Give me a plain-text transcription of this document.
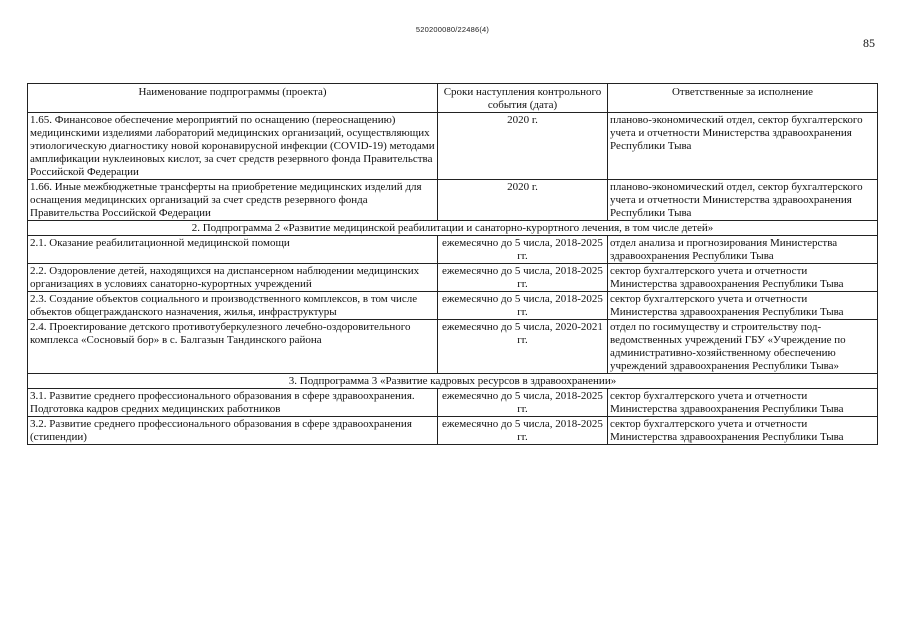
520200080/22486(4)
85
Наименование подпрограммы (проекта)	Сроки наступления контрольного события (дата)	Ответственные за исполнение
1.65. Финансовое обеспечение мероприятий по оснащению (переоснащению) медицинскими изделиями лабораторий медицинских организаций, осуществляющих этиологическую диагностику новой коронавирусной инфекции (COVID-19) методами амплификации нуклеиновых кислот, за счет средств резервного фонда Правительства Российской Федерации	2020 г.	планово-экономический отдел, сектор бухгалтерского учета и отчетности Министерства здравоохранения Республики Тыва
1.66. Иные межбюджетные трансферты на приобретение медицинских изделий для оснащения медицинских организаций за счет средств резервного фонда Правительства Российской Федерации	2020 г.	планово-экономический отдел, сектор бухгалтерского учета и отчетности Министерства здравоохранения Республики Тыва
2. Подпрограмма 2 «Развитие медицинской реабилитации и санаторно-курортного лечения, в том числе детей»		
2.1. Оказание реабилитационной медицинской помощи	ежемесячно до 5 числа, 2018-2025 гг.	отдел анализа и прогнозирования Министерства здравоохранения Республики Тыва
2.2. Оздоровление детей, находящихся на диспансерном наблюдении медицинских организациях в условиях санаторно-курортных учреждений	ежемесячно до 5 числа, 2018-2025 гг.	сектор бухгалтерского учета и отчетности Министерства здравоохранения Республики Тыва
2.3. Создание объектов социального и производственного комплексов, в том числе объектов общегражданского назначения, жилья, инфраструктуры	ежемесячно до 5 числа, 2018-2025 гг.	сектор бухгалтерского учета и отчетности Министерства здравоохранения Республики Тыва
2.4. Проектирование детского противотуберкулезного лечебно-оздоровительного комплекса «Сосновый бор» в с. Балгазын Тандинского района	ежемесячно до 5 числа, 2020-2021 гг.	отдел по госимуществу и строительству подведомственных учреждений ГБУ «Учреждение по административно-хозяйственному обеспечению учреждений здравоохранения Республики Тыва»
3. Подпрограмма 3 «Развитие кадровых ресурсов в здравоохранении»		
3.1. Развитие среднего профессионального образования в сфере здравоохранения. Подготовка кадров средних медицинских работников	ежемесячно до 5 числа, 2018-2025 гг.	сектор бухгалтерского учета и отчетности Министерства здравоохранения Республики Тыва
3.2. Развитие среднего профессионального образования в сфере здравоохранения (стипендии)	ежемесячно до 5 числа, 2018-2025 гг.	сектор бухгалтерского учета и отчетности Министерства здравоохранения Республики Тыва
